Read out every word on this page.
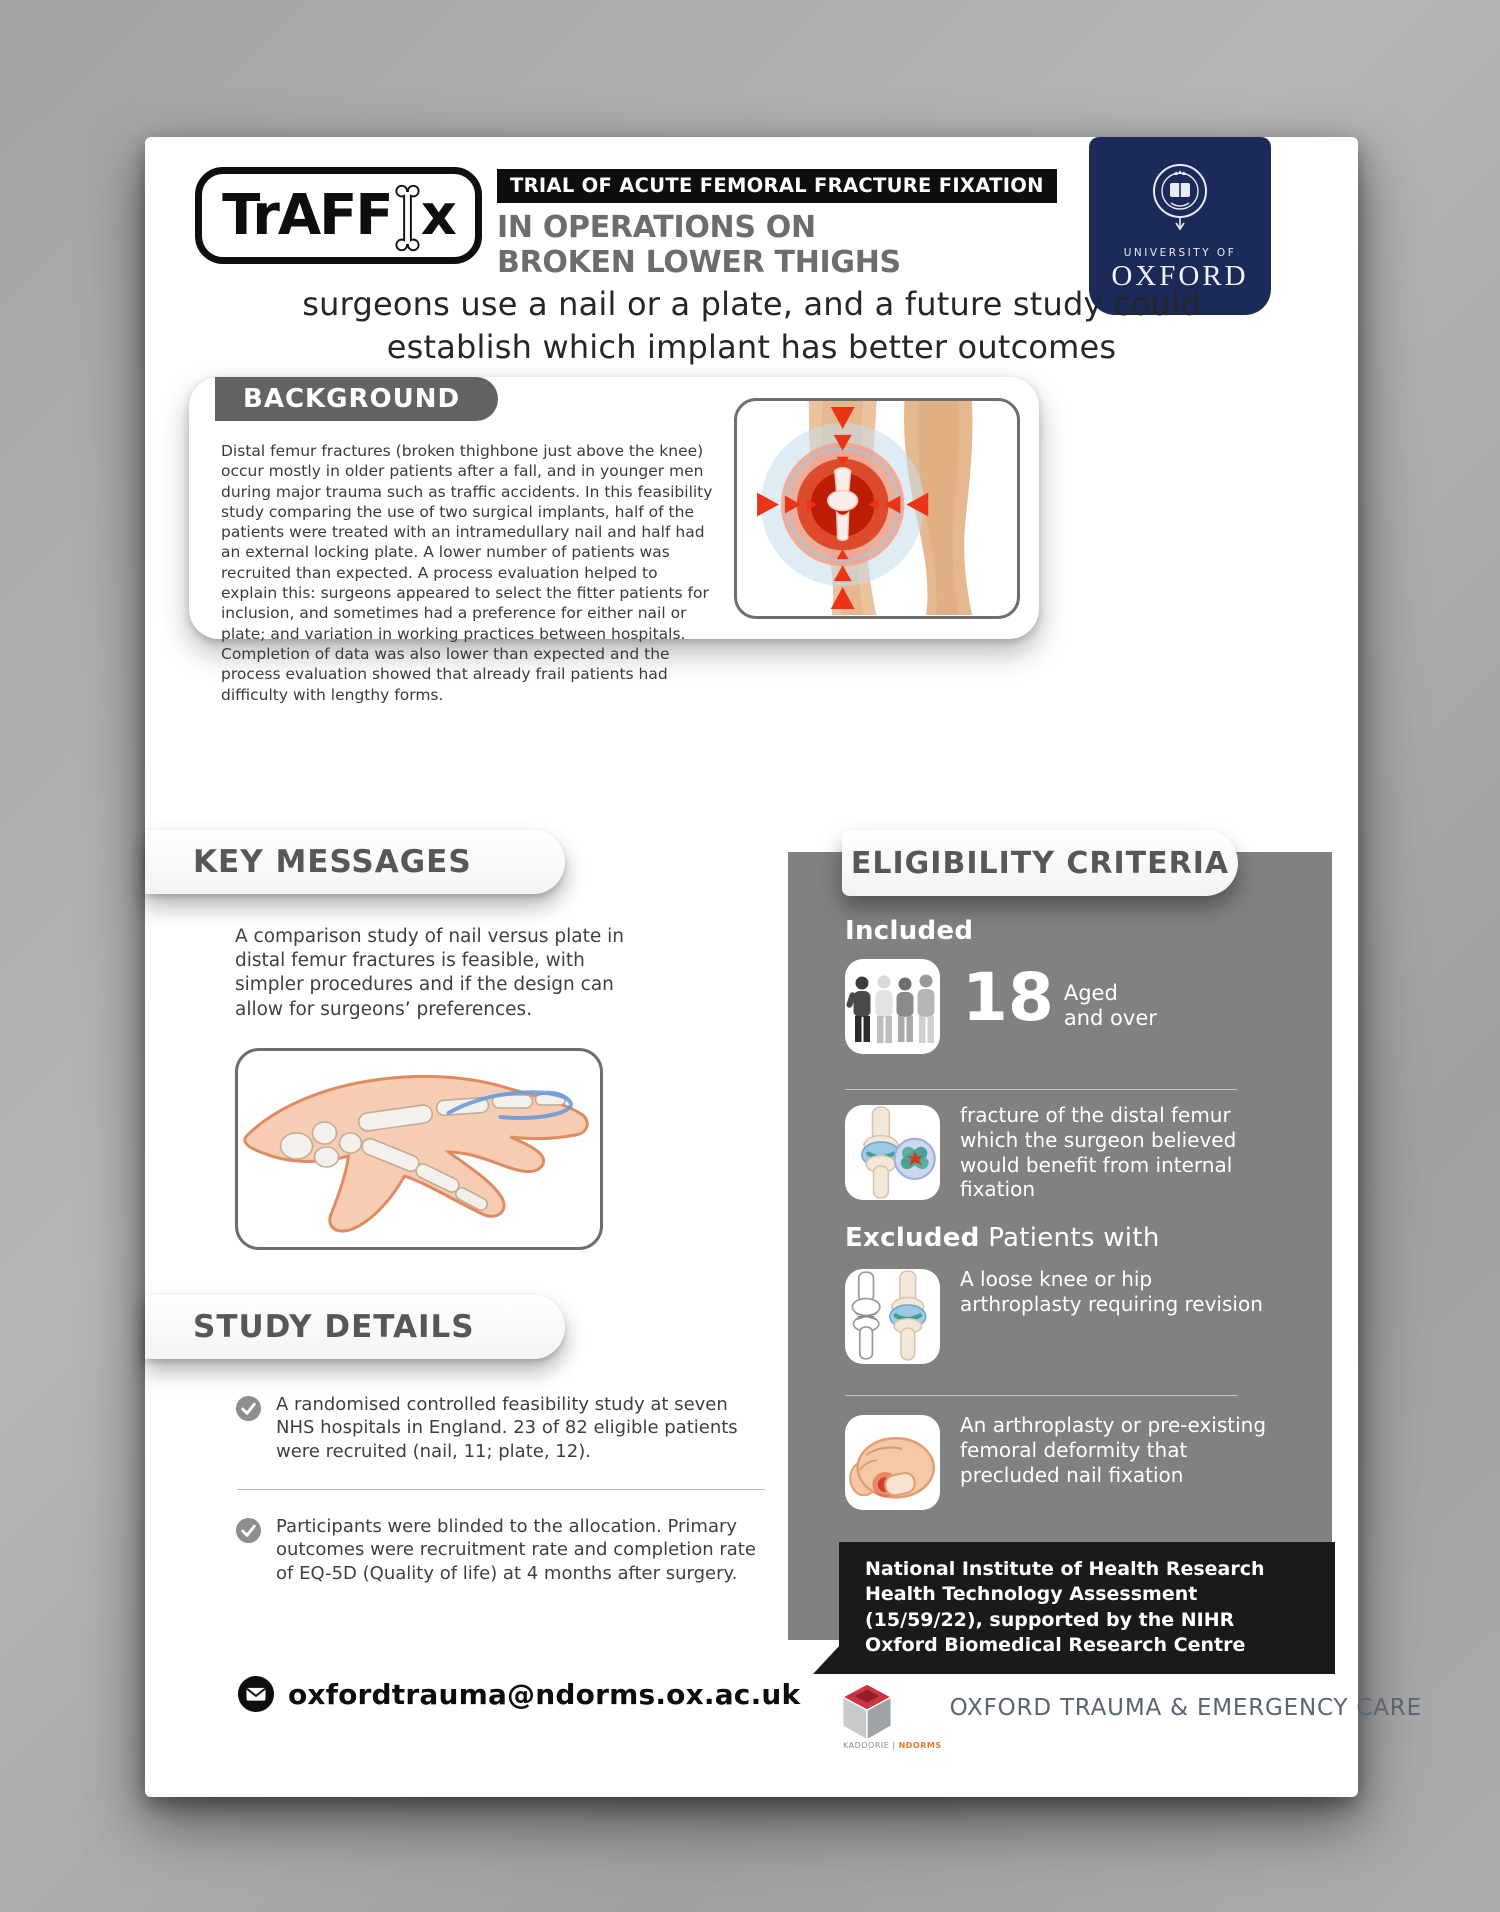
TrAFF x	TRIAL OF ACUTE FEMORAL FRACTURE FIXATION
IN OPERATIONS ON
BROKEN LOWER THIGHS	UNIVERSITY OF
OXFORD
surgeons use a nail or a plate, and a future study could establish which implant has better outcomes
BACKGROUND
Distal femur fractures (broken thighbone just above the knee) occur mostly in older patients after a fall, and in younger men during major trauma such as traffic accidents. In this feasibility study comparing the use of two surgical implants, half of the patients were treated with an intramedullary nail and half had an external locking plate. A lower number of patients was recruited than expected. A process evaluation helped to explain this: surgeons appeared to select the fitter patients for inclusion, and sometimes had a preference for either nail or plate; and variation in working practices between hospitals. Completion of data was also lower than expected and the process evaluation showed that already frail patients had difficulty with lengthy forms.
KEY MESSAGES
A comparison study of nail versus plate in distal femur fractures is feasible, with simpler procedures and if the design can allow for surgeons’ preferences.
STUDY DETAILS
A randomised controlled feasibility study at seven NHS hospitals in England. 23 of 82 eligible patients were recruited (nail, 11; plate, 12).
Participants were blinded to the allocation. Primary outcomes were recruitment rate and completion rate of EQ-5D (Quality of life) at 4 months after surgery.
oxfordtrauma@ndorms.ox.ac.uk
ELIGIBILITY CRITERIA
Included
18 Aged
and over
fracture of the distal femur which the surgeon believed would benefit from internal fixation
Excluded Patients with
A loose knee or hip arthroplasty requiring revision
An arthroplasty or pre-existing femoral deformity that precluded nail fixation
National Institute of Health Research Health Technology Assessment (15/59/22), supported by the NIHR Oxford Biomedical Research Centre
KADOORIE | NDORMS
OXFORD TRAUMA & EMERGENCY CARE
